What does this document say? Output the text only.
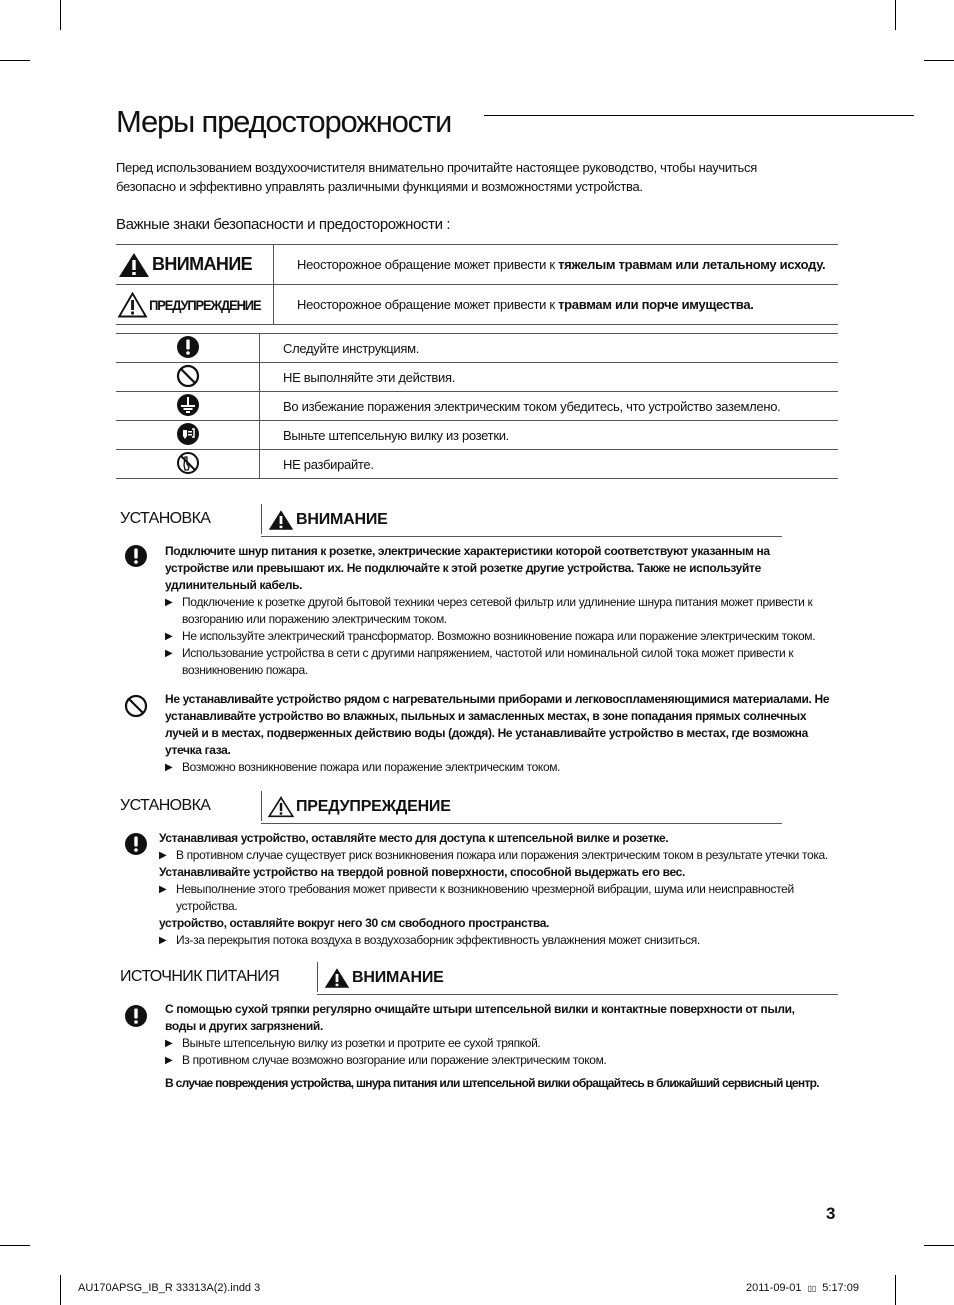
Меры предосторожности
Перед использованием воздухоочистителя внимательно прочитайте настоящее руководство, чтобы научиться безопасно и эффективно управлять различными функциями и возможностями устройства.
Важные знаки безопасности и предосторожности :
ВНИМАНИЕ	Неосторожное обращение может привести к тяжелым травмам или летальному исходу.

ПРЕДУПРЕЖДЕНИЕ	Неосторожное обращение может привести к травмам или порче имущества.
	Следуйте инструкциям.
	НЕ выполняйте эти действия.
	Во избежание поражения электрическим током убедитесь, что устройство заземлено.
	Выньте штепсельную вилку из розетки.
	НЕ разбирайте.
УСТАНОВКА	ВНИМАНИЕ
Подключите шнур питания к розетке, электрические характеристики которой соответствуют указанным на устройстве или превышают их. Не подключайте к этой розетке другие устройства. Также не используйте удлинительный кабель.
▶ Подключение к розетке другой бытовой техники через сетевой фильтр или удлинение шнура питания может привести к возгоранию или поражению электрическим током.
▶ Не используйте электрический трансформатор. Возможно возникновение пожара или поражение электрическим током.
▶ Использование устройства в сети с другими напряжением, частотой или номинальной силой тока может привести к возникновению пожара.
Не устанавливайте устройство рядом с нагревательными приборами и легковоспламеняющимися материалами. Не устанавливайте устройство во влажных, пыльных и замасленных местах, в зоне попадания прямых солнечных лучей и в местах, подверженных действию воды (дождя). Не устанавливайте устройство в местах, где возможна утечка газа.
▶ Возможно возникновение пожара или поражение электрическим током.
УСТАНОВКА	ПРЕДУПРЕЖДЕНИЕ
Устанавливая устройство, оставляйте место для доступа к штепсельной вилке и розетке.
▶ В противном случае существует риск возникновения пожара или поражения электрическим током в результате утечки тока.
Устанавливайте устройство на твердой ровной поверхности, способной выдержать его вес.
▶ Невыполнение этого требования может привести к возникновению чрезмерной вибрации, шума или неисправностей устройства.
устройство, оставляйте вокруг него 30 см свободного пространства.
▶ Из-за перекрытия потока воздуха в воздухозаборник эффективность увлажнения может снизиться.
ИСТОЧНИК ПИТАНИЯ	ВНИМАНИЕ
С помощью сухой тряпки регулярно очищайте штыри штепсельной вилки и контактные поверхности от пыли, воды и других загрязнений.
▶ Выньте штепсельную вилку из розетки и протрите ее сухой тряпкой.
▶ В противном случае возможно возгорание или поражение электрическим током.
В случае повреждения устройства, шнура питания или штепсельной вилки обращайтесь в ближайший сервисный центр.
3
AU170APSG_IB_R 33313A(2).indd 3	2011-09-01 ▯▯ 5:17:09
